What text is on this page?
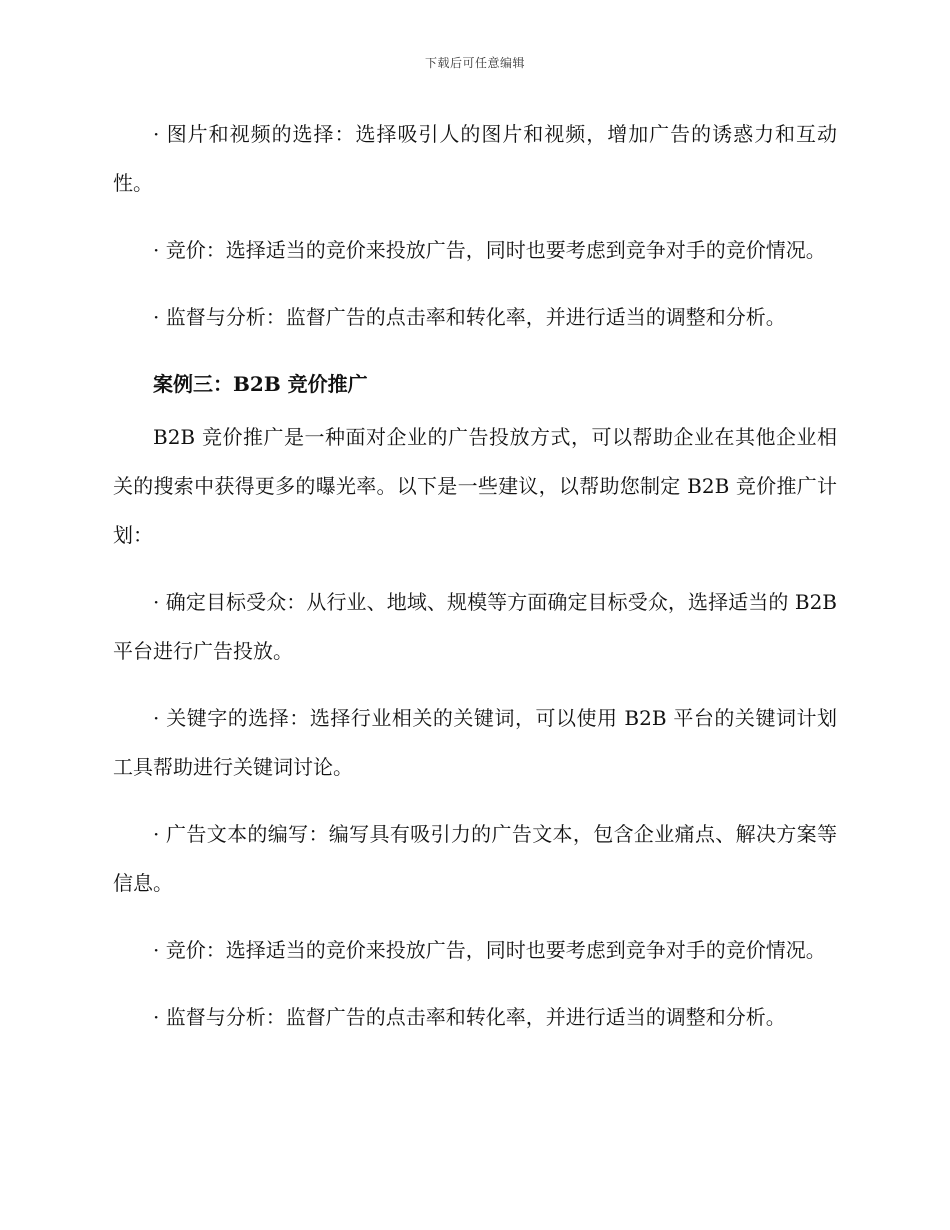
下载后可任意编辑

· 图片和视频的选择：选择吸引人的图片和视频，增加广告的诱惑力和互动性。

· 竞价：选择适当的竞价来投放广告，同时也要考虑到竞争对手的竞价情况。

· 监督与分析：监督广告的点击率和转化率，并进行适当的调整和分析。

案例三：B2B 竞价推广

B2B 竞价推广是一种面对企业的广告投放方式，可以帮助企业在其他企业相关的搜索中获得更多的曝光率。以下是一些建议，以帮助您制定 B2B 竞价推广计划：

· 确定目标受众：从行业、地域、规模等方面确定目标受众，选择适当的 B2B 平台进行广告投放。

· 关键字的选择：选择行业相关的关键词，可以使用 B2B 平台的关键词计划工具帮助进行关键词讨论。

· 广告文本的编写：编写具有吸引力的广告文本，包含企业痛点、解决方案等信息。

· 竞价：选择适当的竞价来投放广告，同时也要考虑到竞争对手的竞价情况。

· 监督与分析：监督广告的点击率和转化率，并进行适当的调整和分析。
